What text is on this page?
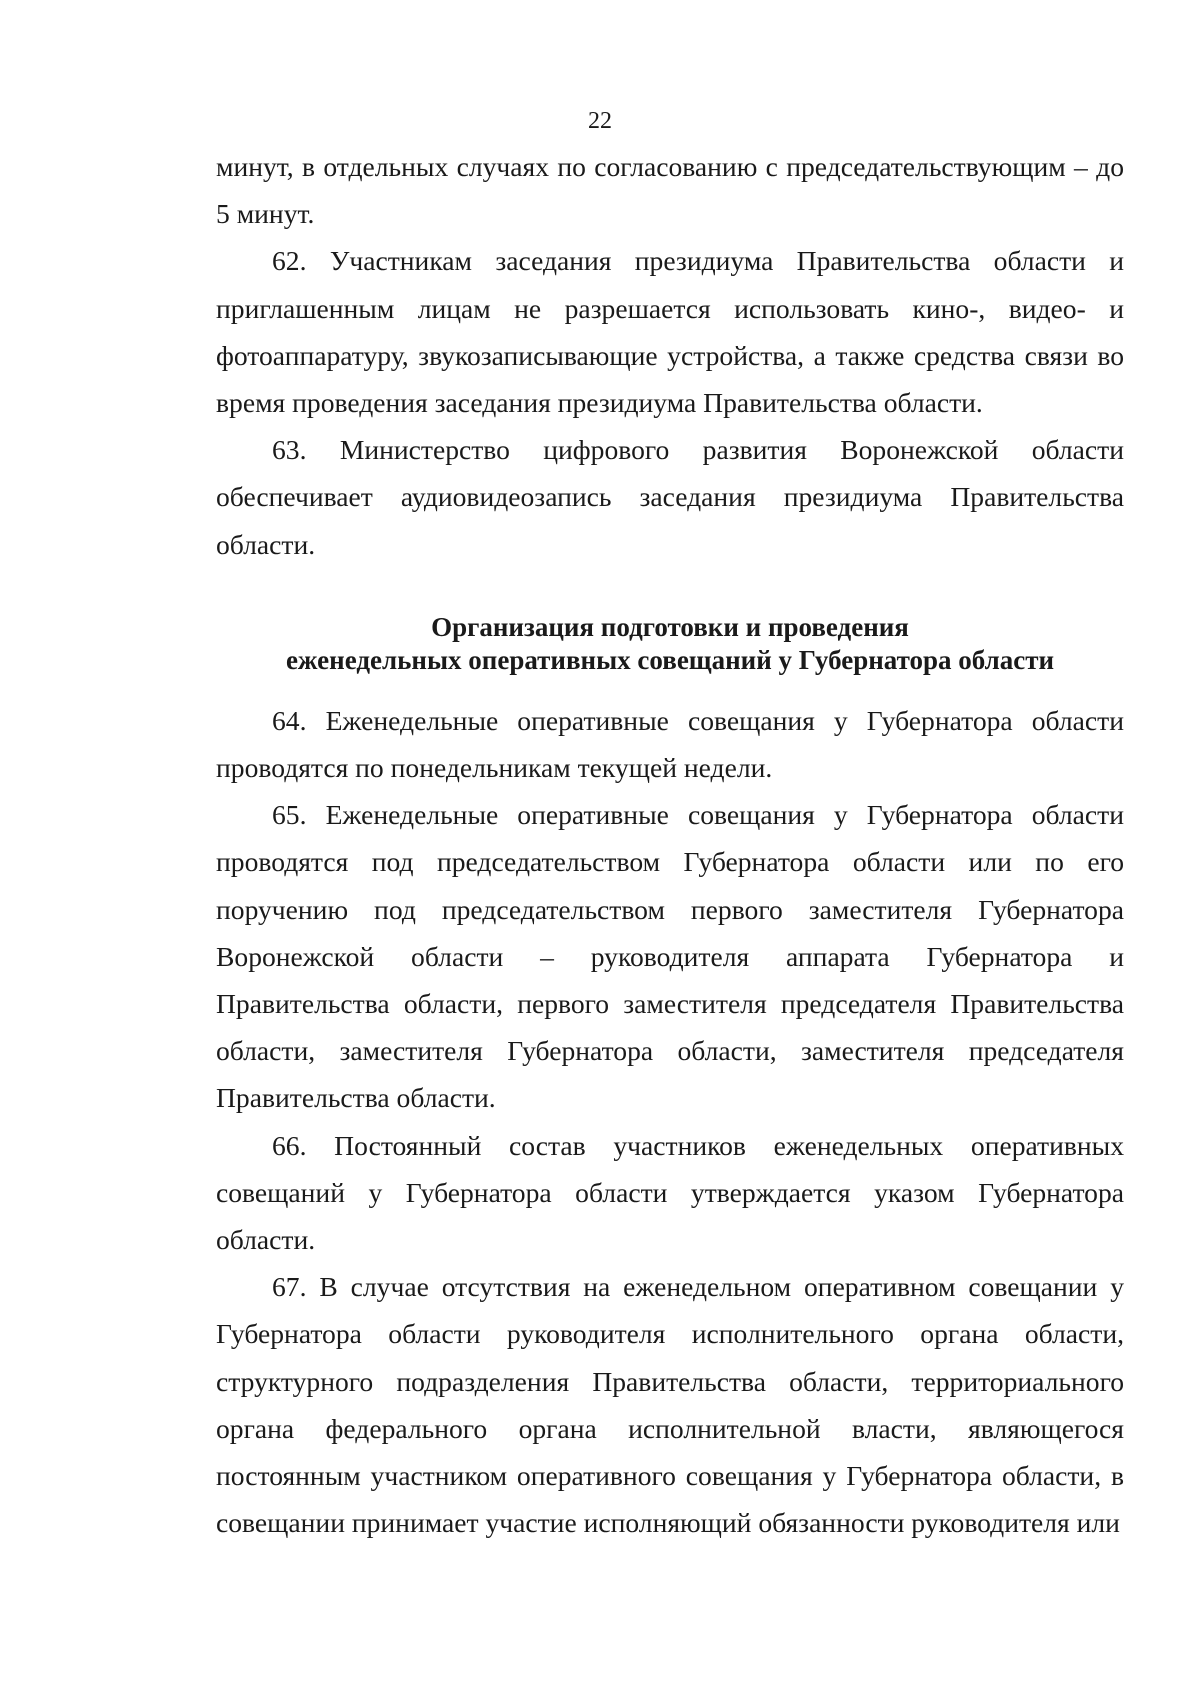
22

минут, в отдельных случаях по согласованию с председательствующим – до 5 минут.

62. Участникам заседания президиума Правительства области и приглашенным лицам не разрешается использовать кино-, видео- и фотоаппаратуру, звукозаписывающие устройства, а также средства связи во время проведения заседания президиума Правительства области.

63. Министерство цифрового развития Воронежской области обеспечивает аудиовидеозапись заседания президиума Правительства области.

Организация подготовки и проведения

еженедельных оперативных совещаний у Губернатора области

64. Еженедельные оперативные совещания у Губернатора области проводятся по понедельникам текущей недели.

65. Еженедельные оперативные совещания у Губернатора области проводятся под председательством Губернатора области или по его поручению под председательством первого заместителя Губернатора Воронежской области – руководителя аппарата Губернатора и Правительства области, первого заместителя председателя Правительства области, заместителя Губернатора области, заместителя председателя Правительства области.

66. Постоянный состав участников еженедельных оперативных совещаний у Губернатора области утверждается указом Губернатора области.

67. В случае отсутствия на еженедельном оперативном совещании у Губернатора области руководителя исполнительного органа области, структурного подразделения Правительства области, территориального органа федерального органа исполнительной власти, являющегося постоянным участником оперативного совещания у Губернатора области, в совещании принимает участие исполняющий обязанности руководителя или
